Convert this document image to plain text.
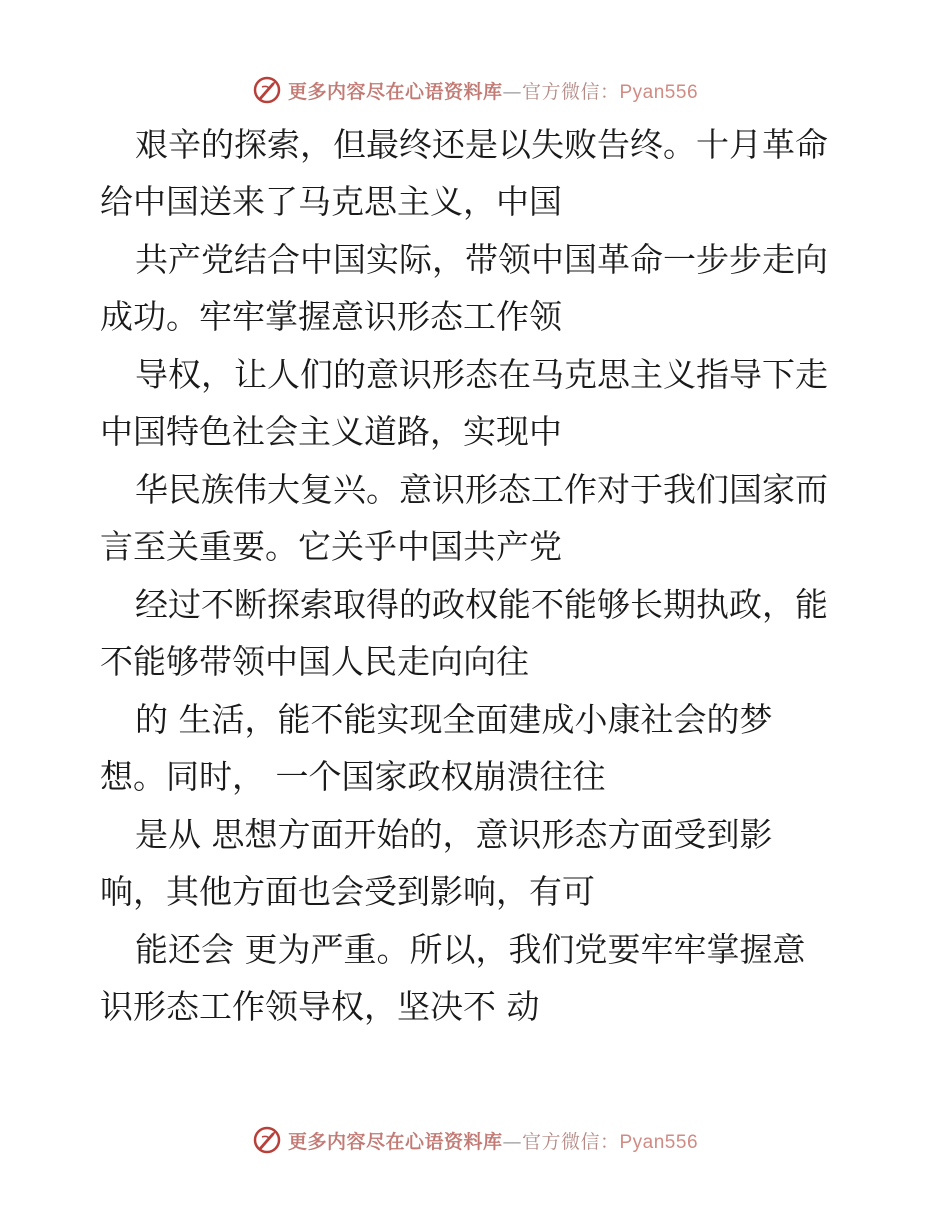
更多内容尽在心语资料库—官方微信：Pyan556
艰辛的探索，但最终还是以失败告终。十月革命
给中国送来了马克思主义，中国
共产党结合中国实际，带领中国革命一步步走向
成功。牢牢掌握意识形态工作领
导权，让人们的意识形态在马克思主义指导下走
中国特色社会主义道路，实现中
华民族伟大复兴。意识形态工作对于我们国家而
言至关重要。它关乎中国共产党
经过不断探索取得的政权能不能够长期执政，能
不能够带领中国人民走向向往
的 生活，能不能实现全面建成小康社会的梦
想。同时， 一个国家政权崩溃往往
是从 思想方面开始的，意识形态方面受到影
响，其他方面也会受到影响，有可
能还会 更为严重。所以，我们党要牢牢掌握意
识形态工作领导权，坚决不 动
更多内容尽在心语资料库—官方微信：Pyan556
